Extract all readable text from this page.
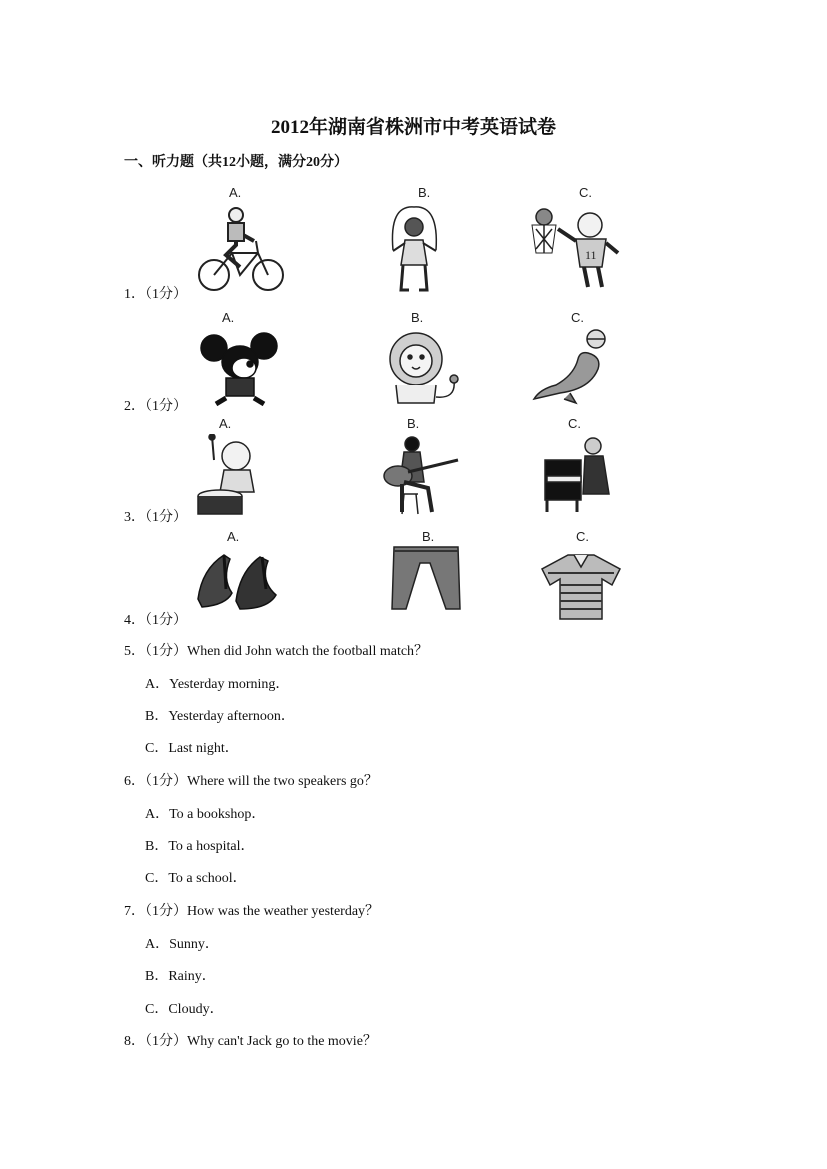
2012年湖南省株洲市中考英语试卷
一、听力题（共12小题，满分20分）
A.	B.	C.
11
1．（1分）
A.	B.	C.
2．（1分）
A.	B.	C.
3．（1分）
A.	B.	C.
4．（1分）
5．（1分）When did John watch the football match？
A．Yesterday morning．
B．Yesterday afternoon．
C．Last night．
6．（1分）Where will the two speakers go？
A．To a bookshop．
B．To a hospital．
C．To a school．
7．（1分）How was the weather yesterday？
A．Sunny．
B．Rainy．
C．Cloudy．
8．（1分）Why can't Jack go to the movie？
